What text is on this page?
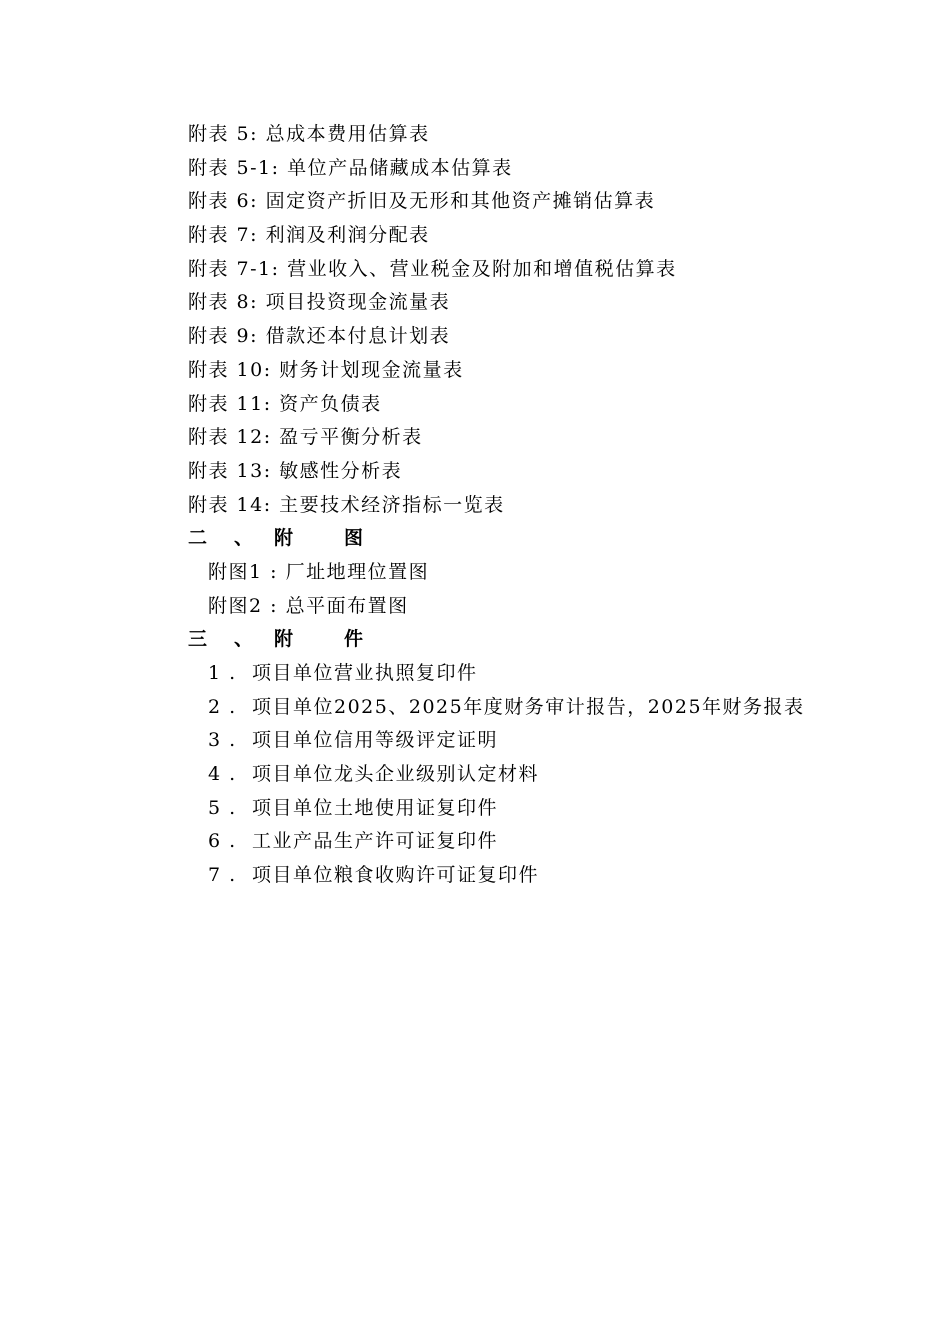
附表 5: 总成本费用估算表
附表 5-1: 单位产品储藏成本估算表
附表 6: 固定资产折旧及无形和其他资产摊销估算表
附表 7: 利润及利润分配表
附表 7-1: 营业收入、营业税金及附加和增值税估算表
附表 8: 项目投资现金流量表
附表 9: 借款还本付息计划表
附表 10: 财务计划现金流量表
附表 11: 资产负债表
附表 12: 盈亏平衡分析表
附表 13: 敏感性分析表
附表 14: 主要技术经济指标一览表
二 、 附	图
附图1 : 厂址地理位置图
附图2 : 总平面布置图
三 、 附	件
1 . 项目单位营业执照复印件
2 . 项目单位2025、2025年度财务审计报告，2025年财务报表
3 . 项目单位信用等级评定证明
4 . 项目单位龙头企业级别认定材料
5 . 项目单位土地使用证复印件
6 . 工业产品生产许可证复印件
7 . 项目单位粮食收购许可证复印件
